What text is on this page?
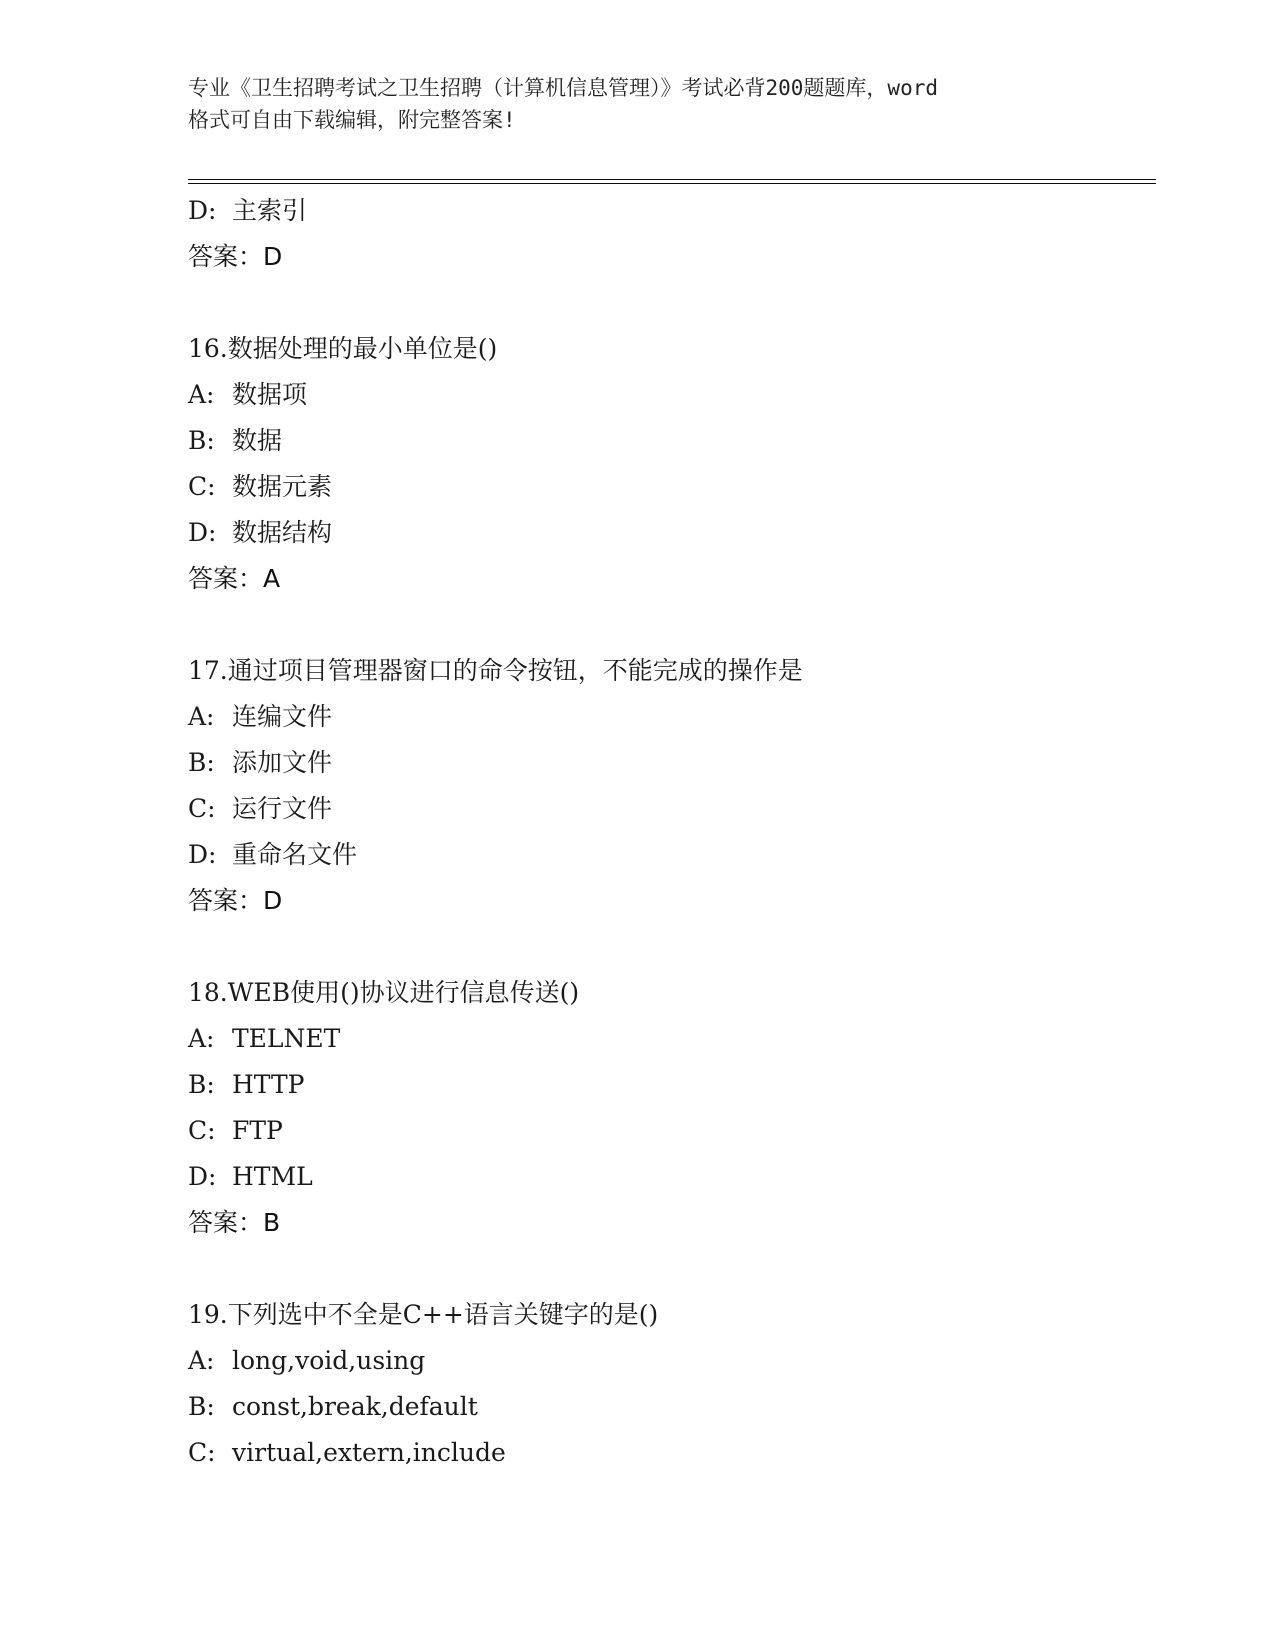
专业《卫生招聘考试之卫生招聘（计算机信息管理）》考试必背200题题库，word
格式可自由下载编辑，附完整答案!
D: 主索引
答案：D
16.数据处理的最小单位是()
A: 数据项
B: 数据
C: 数据元素
D: 数据结构
答案：A
17.通过项目管理器窗口的命令按钮，不能完成的操作是
A: 连编文件
B: 添加文件
C: 运行文件
D: 重命名文件
答案：D
18.WEB使用()协议进行信息传送()
A: TELNET
B: HTTP
C: FTP
D: HTML
答案：B
19.下列选中不全是C++语言关键字的是()
A: long,void,using
B: const,break,default
C: virtual,extern,include
